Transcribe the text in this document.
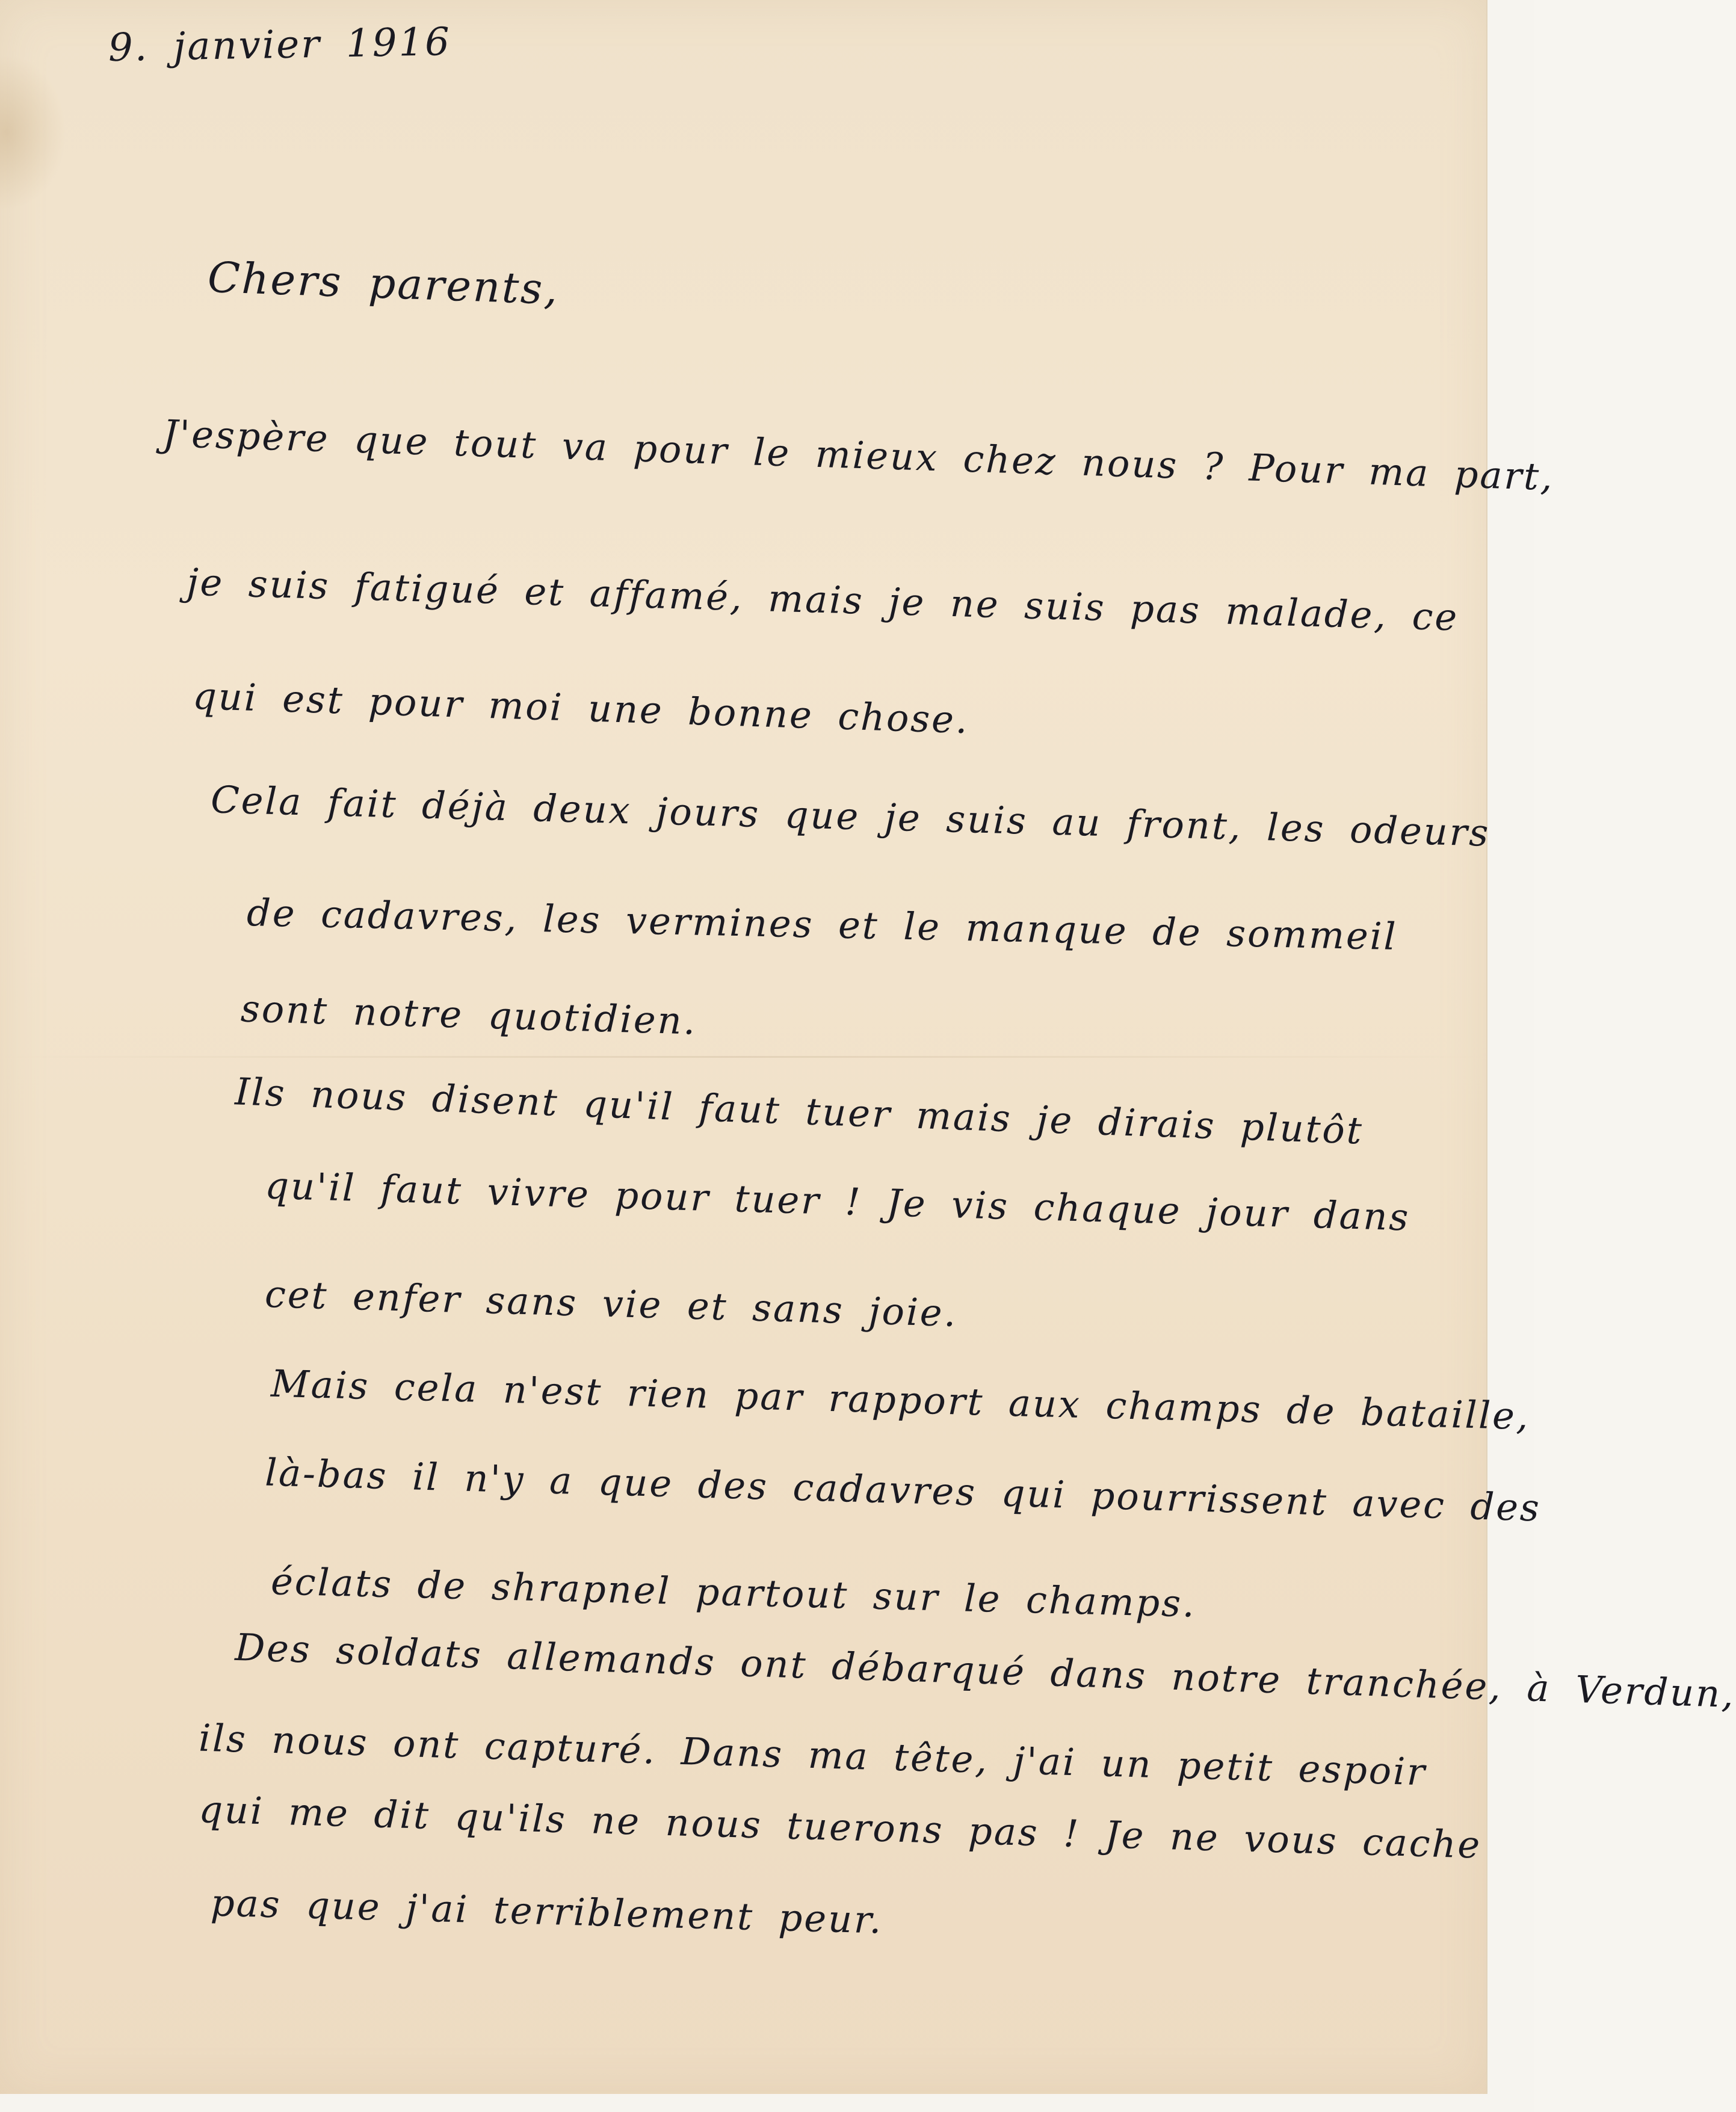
9. janvier 1916
Chers parents,
J'espère que tout va pour le mieux chez nous ? Pour ma part,
je suis fatigué et affamé, mais je ne suis pas malade, ce
qui est pour moi une bonne chose.
Cela fait déjà deux jours que je suis au front, les odeurs
de cadavres, les vermines et le manque de sommeil
sont notre quotidien.
Ils nous disent qu'il faut tuer mais je dirais plutôt
qu'il faut vivre pour tuer ! Je vis chaque jour dans
cet enfer sans vie et sans joie.
Mais cela n'est rien par rapport aux champs de bataille,
là-bas il n'y a que des cadavres qui pourrissent avec des
éclats de shrapnel partout sur le champs.
Des soldats allemands ont débarqué dans notre tranchée, à Verdun,
ils nous ont capturé. Dans ma tête, j'ai un petit espoir
qui me dit qu'ils ne nous tuerons pas ! Je ne vous cache
pas que j'ai terriblement peur.
